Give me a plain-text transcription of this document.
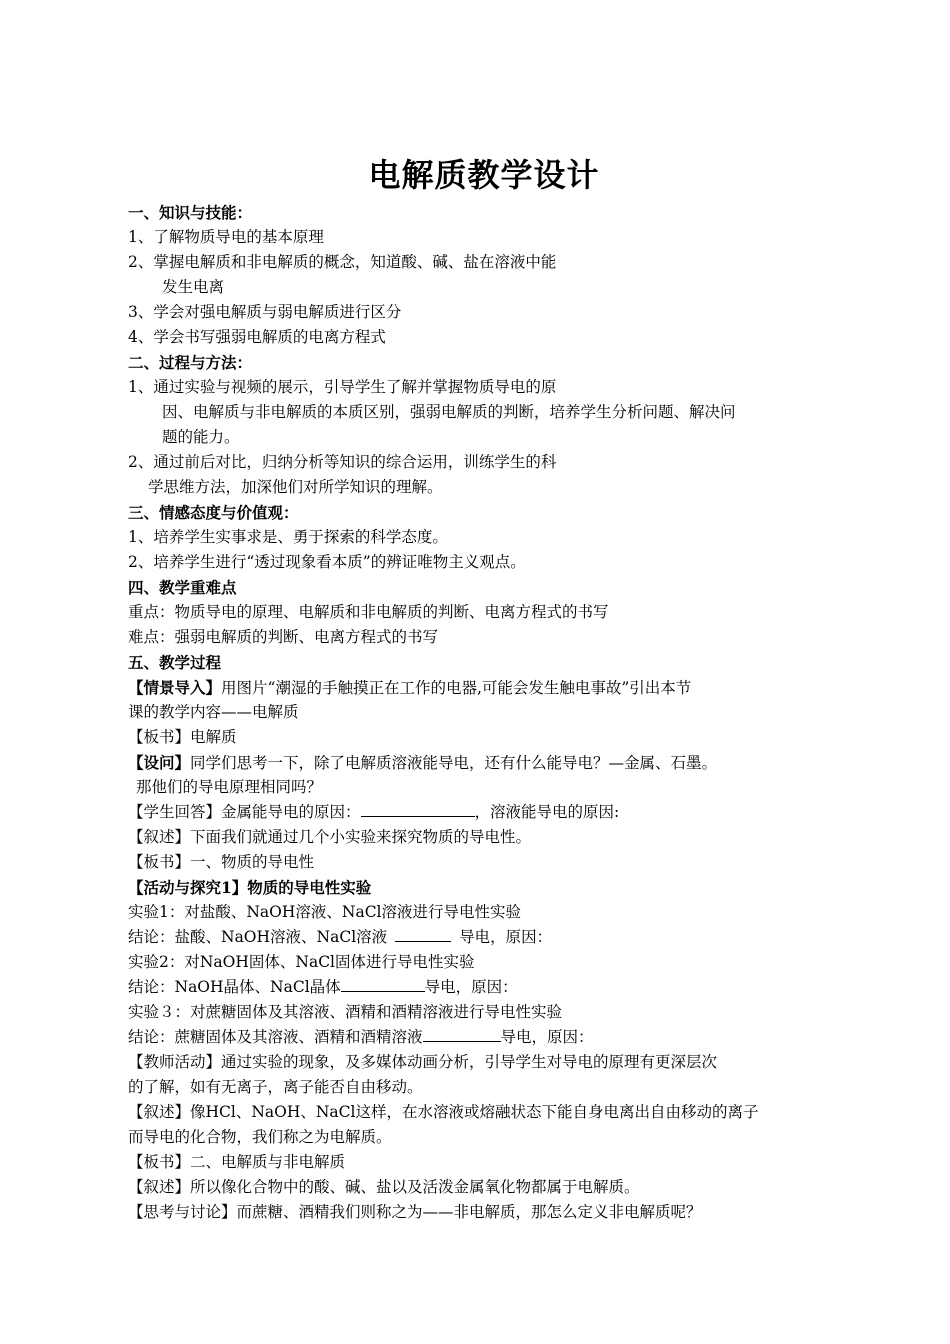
电解质教学设计
一、知识与技能：
1、了解物质导电的基本原理
2、掌握电解质和非电解质的概念，知道酸、碱、盐在溶液中能
发生电离
3、学会对强电解质与弱电解质进行区分
4、学会书写强弱电解质的电离方程式
二、过程与方法：
1、通过实验与视频的展示，引导学生了解并掌握物质导电的原
因、电解质与非电解质的本质区别，强弱电解质的判断，培养学生分析问题、解决问
题的能力。
2、通过前后对比，归纳分析等知识的综合运用，训练学生的科
学思维方法，加深他们对所学知识的理解。
三、情感态度与价值观：
1、培养学生实事求是、勇于探索的科学态度。
2、培养学生进行“透过现象看本质”的辨证唯物主义观点。
四、教学重难点
重点：物质导电的原理、电解质和非电解质的判断、电离方程式的书写
难点：强弱电解质的判断、电离方程式的书写
五、教学过程
【情景导入】用图片“潮湿的手触摸正在工作的电器,可能会发生触电事故”引出本节
课的教学内容——电解质
【板书】电解质
【设问】同学们思考一下，除了电解质溶液能导电，还有什么能导电？—金属、石墨。
那他们的导电原理相同吗？
【学生回答】金属能导电的原因：	，溶液能导电的原因:
【叙述】下面我们就通过几个小实验来探究物质的导电性。
【板书】一、物质的导电性
【活动与探究1】物质的导电性实验
实验1：对盐酸、NaOH溶液、NaCl溶液进行导电性实验
结论：盐酸、NaOH溶液、NaCl溶液	导电，原因：
实验2：对NaOH固体、NaCl固体进行导电性实验
结论：NaOH晶体、NaCl晶体	导电，原因：
实验３：对蔗糖固体及其溶液、酒精和酒精溶液进行导电性实验
结论：蔗糖固体及其溶液、酒精和酒精溶液	导电，原因：
【教师活动】通过实验的现象，及多媒体动画分析，引导学生对导电的原理有更深层次
的了解，如有无离子，离子能否自由移动。
【叙述】像HCl、NaOH、NaCl这样，在水溶液或熔融状态下能自身电离出自由移动的离子
而导电的化合物，我们称之为电解质。
【板书】二、电解质与非电解质
【叙述】所以像化合物中的酸、碱、盐以及活泼金属氧化物都属于电解质。
【思考与讨论】而蔗糖、酒精我们则称之为——非电解质，那怎么定义非电解质呢？
